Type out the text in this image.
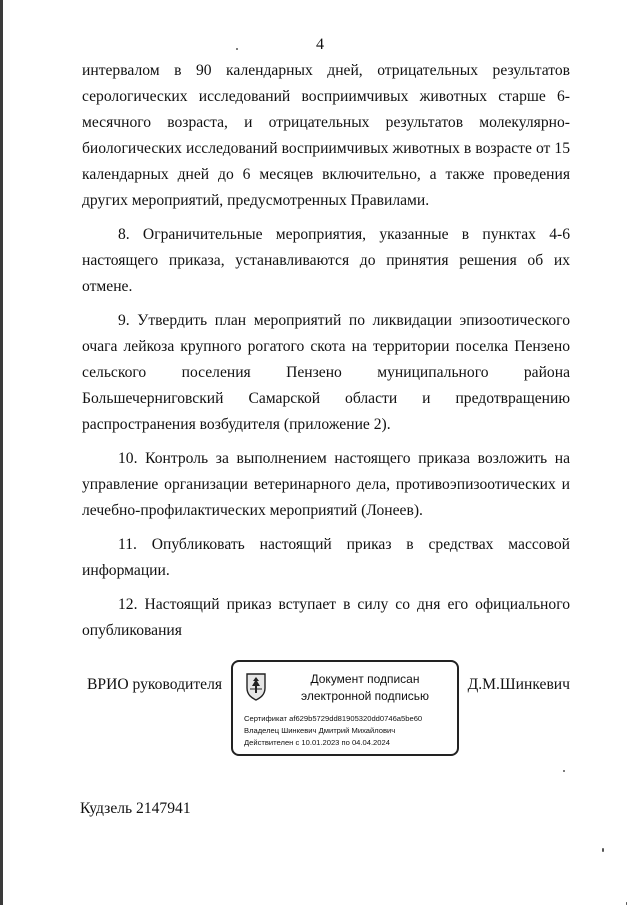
4

интервалом в 90 календарных дней, отрицательных результатов серологических исследований восприимчивых животных старше 6-месячного возраста, и отрицательных результатов молекулярно-биологических исследований восприимчивых животных в возрасте от 15 календарных дней до 6 месяцев включительно, а также проведения других мероприятий, предусмотренных Правилами.

8. Ограничительные мероприятия, указанные в пунктах 4-6 настоящего приказа, устанавливаются до принятия решения об их отмене.

9. Утвердить план мероприятий по ликвидации эпизоотического очага лейкоза крупного рогатого скота на территории поселка Пензено сельского поселения Пензено муниципального района Большечерниговский Самарской области и предотвращению распространения возбудителя (приложение 2).

10. Контроль за выполнением настоящего приказа возложить на управление организации ветеринарного дела, противоэпизоотических и лечебно-профилактических мероприятий (Лонеев).

11. Опубликовать настоящий приказ в средствах массовой информации.

12. Настоящий приказ вступает в силу со дня его официального опубликования

ВРИО руководителя	Документ подписан
электронной подписью
Сертификат af629b5729dd81905320dd0746a5be60
Владелец Шинкевич Дмитрий Михайлович
Действителен с 10.01.2023 по 04.04.2024
Д.М.Шинкевич
Кудзель 2147941
